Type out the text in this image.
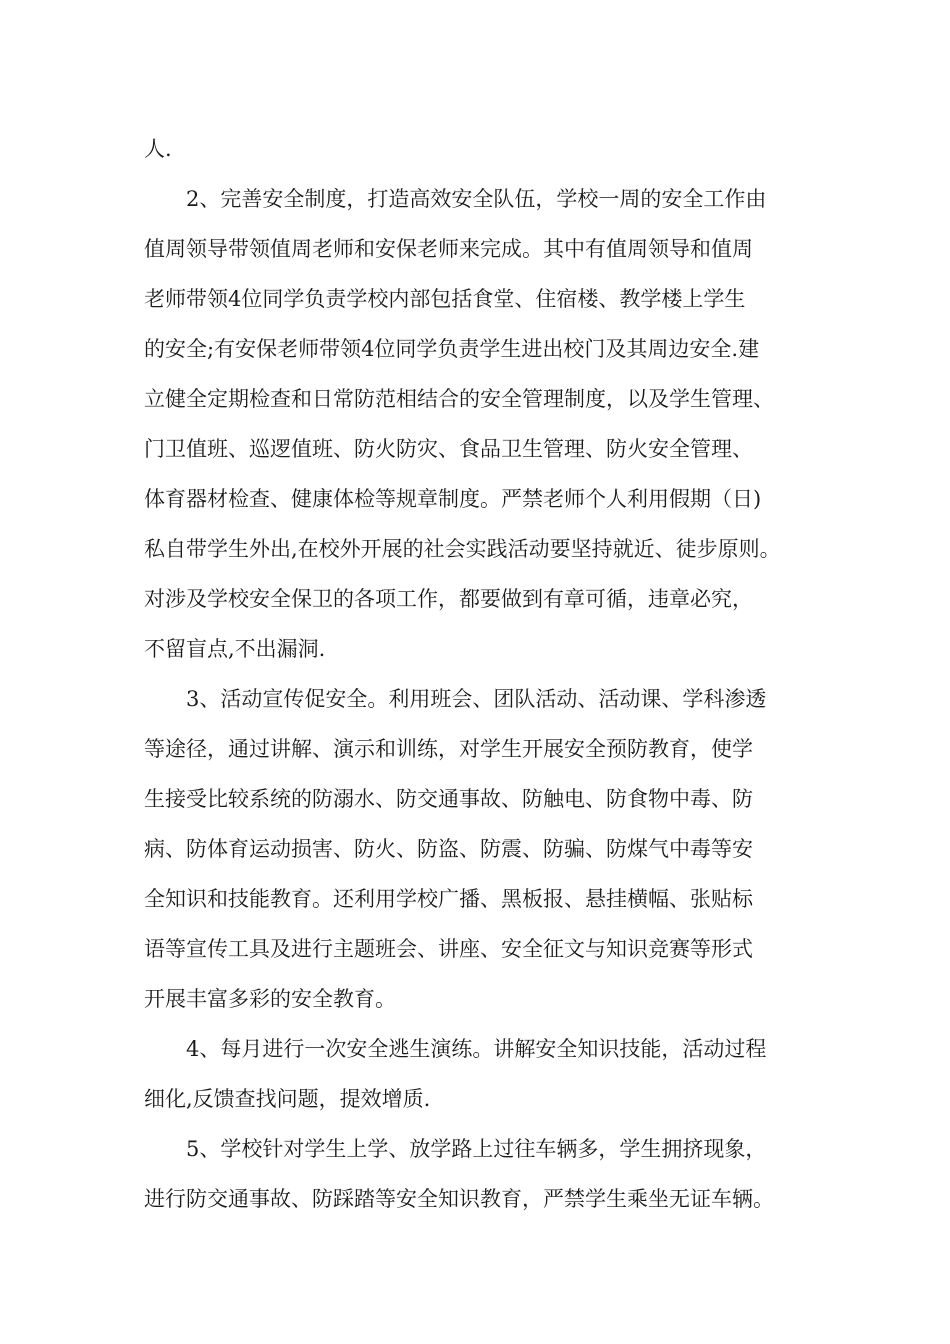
人.
2、完善安全制度，打造高效安全队伍，学校一周的安全工作由
值周领导带领值周老师和安保老师来完成。其中有值周领导和值周
老师带领4位同学负责学校内部包括食堂、住宿楼、教学楼上学生
的安全;有安保老师带领4位同学负责学生进出校门及其周边安全.建
立健全定期检查和日常防范相结合的安全管理制度，以及学生管理、
门卫值班、巡逻值班、防火防灾、食品卫生管理、防火安全管理、
体育器材检查、健康体检等规章制度。严禁老师个人利用假期（日)
私自带学生外出,在校外开展的社会实践活动要坚持就近、徒步原则。
对涉及学校安全保卫的各项工作，都要做到有章可循，违章必究，
不留盲点,不出漏洞.
3、活动宣传促安全。利用班会、团队活动、活动课、学科渗透
等途径，通过讲解、演示和训练，对学生开展安全预防教育，使学
生接受比较系统的防溺水、防交通事故、防触电、防食物中毒、防
病、防体育运动损害、防火、防盗、防震、防骗、防煤气中毒等安
全知识和技能教育。还利用学校广播、黑板报、悬挂横幅、张贴标
语等宣传工具及进行主题班会、讲座、安全征文与知识竞赛等形式
开展丰富多彩的安全教育。
4、每月进行一次安全逃生演练。讲解安全知识技能，活动过程
细化,反馈查找问题，提效增质.
5、学校针对学生上学、放学路上过往车辆多，学生拥挤现象，
进行防交通事故、防踩踏等安全知识教育，严禁学生乘坐无证车辆。
